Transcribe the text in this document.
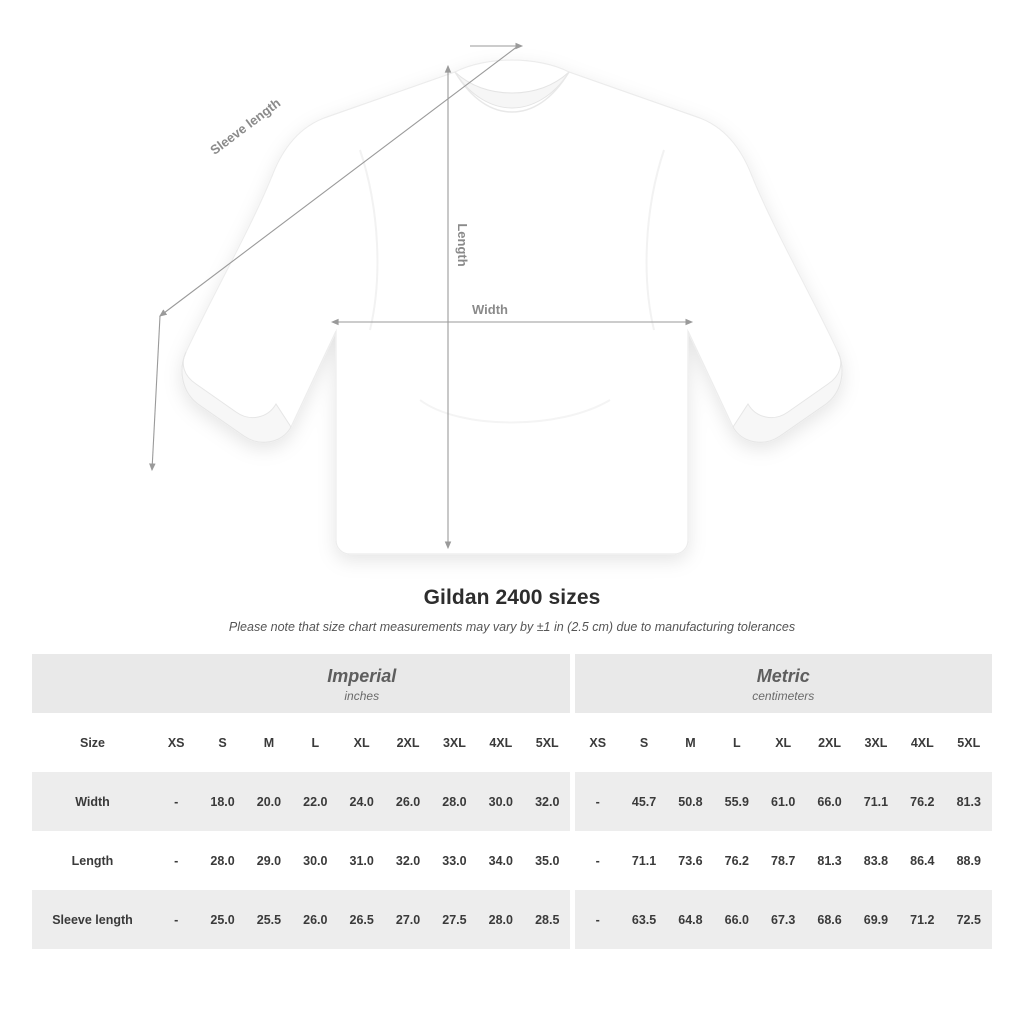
Sleeve length
Length
Width
Gildan 2400 sizes
Please note that size chart measurements may vary by ±1 in (2.5 cm) due to manufacturing tolerances

Imperial
inches

Metric
centimeters

Size	XS	S	M	L	XL	2XL	3XL	4XL	5XL		XS	S	M	L	XL	2XL	3XL	4XL	5XL
Width	-	18.0	20.0	22.0	24.0	26.0	28.0	30.0	32.0		-	45.7	50.8	55.9	61.0	66.0	71.1	76.2	81.3
Length	-	28.0	29.0	30.0	31.0	32.0	33.0	34.0	35.0		-	71.1	73.6	76.2	78.7	81.3	83.8	86.4	88.9
Sleeve length	-	25.0	25.5	26.0	26.5	27.0	27.5	28.0	28.5		-	63.5	64.8	66.0	67.3	68.6	69.9	71.2	72.5
